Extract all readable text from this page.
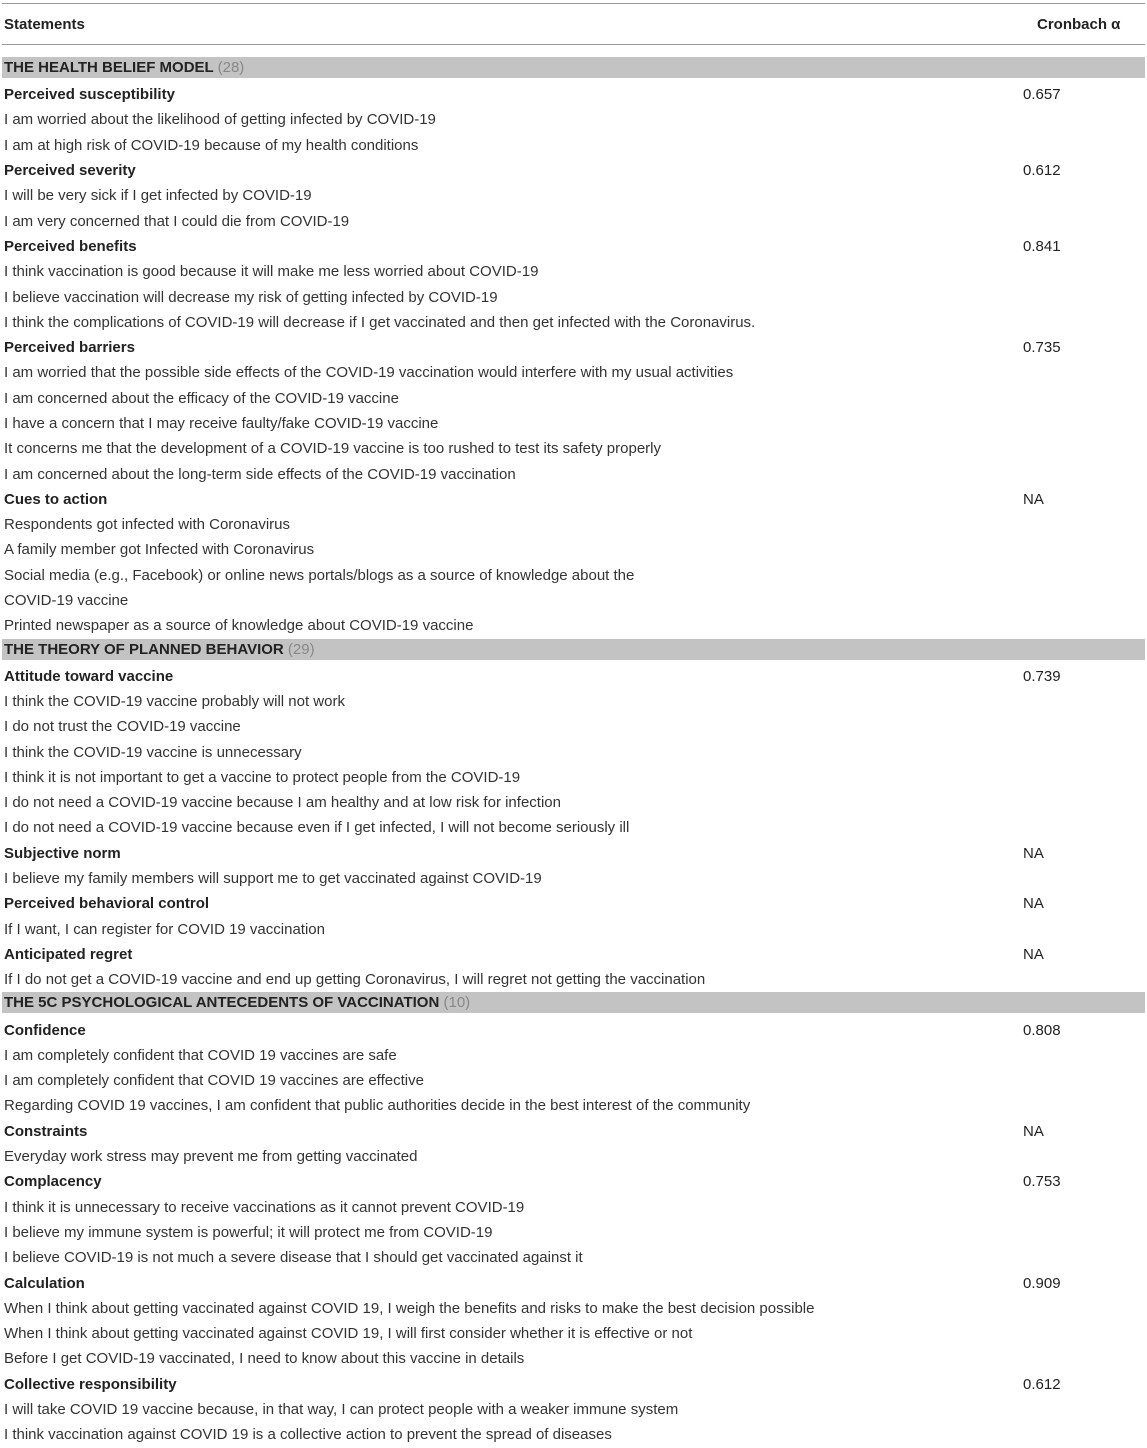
Statements	Cronbach α
THE HEALTH BELIEF MODEL (28)
Perceived susceptibility	0.657
I am worried about the likelihood of getting infected by COVID-19
I am at high risk of COVID-19 because of my health conditions
Perceived severity	0.612
I will be very sick if I get infected by COVID-19
I am very concerned that I could die from COVID-19
Perceived benefits	0.841
I think vaccination is good because it will make me less worried about COVID-19
I believe vaccination will decrease my risk of getting infected by COVID-19
I think the complications of COVID-19 will decrease if I get vaccinated and then get infected with the Coronavirus.
Perceived barriers	0.735
I am worried that the possible side effects of the COVID-19 vaccination would interfere with my usual activities
I am concerned about the efficacy of the COVID-19 vaccine
I have a concern that I may receive faulty/fake COVID-19 vaccine
It concerns me that the development of a COVID-19 vaccine is too rushed to test its safety properly
I am concerned about the long-term side effects of the COVID-19 vaccination
Cues to action	NA
Respondents got infected with Coronavirus
A family member got Infected with Coronavirus
Social media (e.g., Facebook) or online news portals/blogs as a source of knowledge about the
COVID-19 vaccine
Printed newspaper as a source of knowledge about COVID-19 vaccine
THE THEORY OF PLANNED BEHAVIOR (29)
Attitude toward vaccine	0.739
I think the COVID-19 vaccine probably will not work
I do not trust the COVID-19 vaccine
I think the COVID-19 vaccine is unnecessary
I think it is not important to get a vaccine to protect people from the COVID-19
I do not need a COVID-19 vaccine because I am healthy and at low risk for infection
I do not need a COVID-19 vaccine because even if I get infected, I will not become seriously ill
Subjective norm	NA
I believe my family members will support me to get vaccinated against COVID-19
Perceived behavioral control	NA
If I want, I can register for COVID 19 vaccination
Anticipated regret	NA
If I do not get a COVID-19 vaccine and end up getting Coronavirus, I will regret not getting the vaccination
THE 5C PSYCHOLOGICAL ANTECEDENTS OF VACCINATION (10)
Confidence	0.808
I am completely confident that COVID 19 vaccines are safe
I am completely confident that COVID 19 vaccines are effective
Regarding COVID 19 vaccines, I am confident that public authorities decide in the best interest of the community
Constraints	NA
Everyday work stress may prevent me from getting vaccinated
Complacency	0.753
I think it is unnecessary to receive vaccinations as it cannot prevent COVID-19
I believe my immune system is powerful; it will protect me from COVID-19
I believe COVID-19 is not much a severe disease that I should get vaccinated against it
Calculation	0.909
When I think about getting vaccinated against COVID 19, I weigh the benefits and risks to make the best decision possible
When I think about getting vaccinated against COVID 19, I will first consider whether it is effective or not
Before I get COVID-19 vaccinated, I need to know about this vaccine in details
Collective responsibility	0.612
I will take COVID 19 vaccine because, in that way, I can protect people with a weaker immune system
I think vaccination against COVID 19 is a collective action to prevent the spread of diseases
